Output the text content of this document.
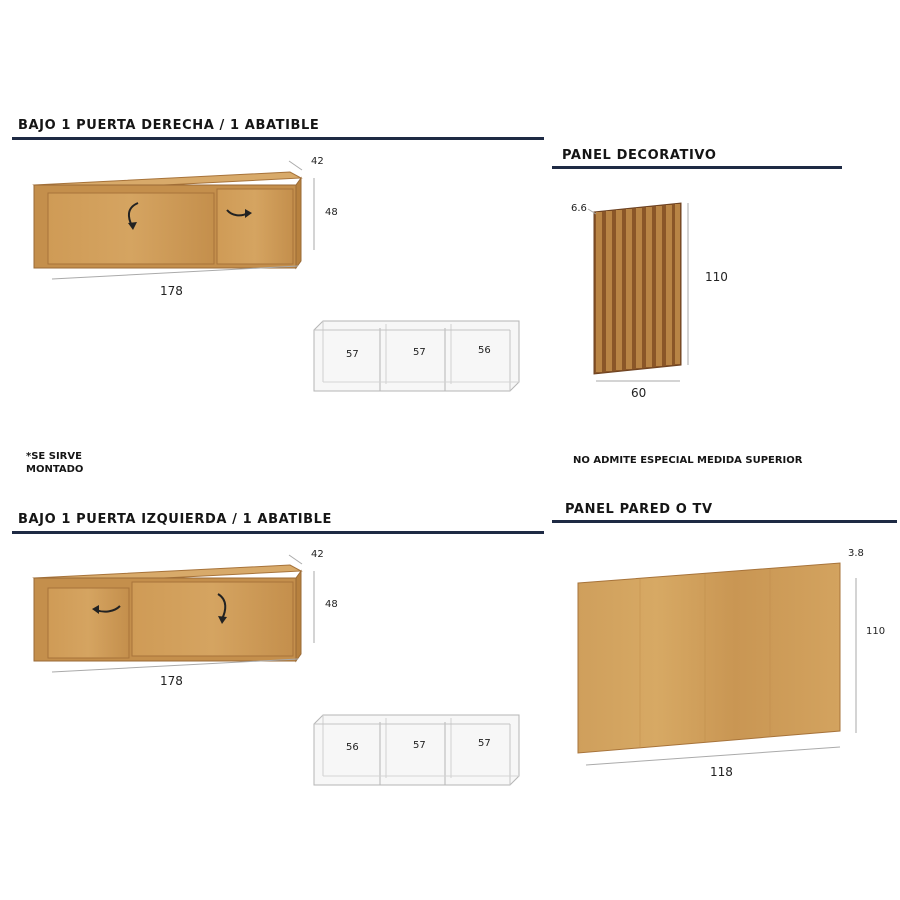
BAJO 1 PUERTA DERECHA / 1 ABATIBLE
42
48
178
57	57	56
*SE SIRVE
MONTADO
BAJO 1 PUERTA IZQUIERDA / 1 ABATIBLE
42
48
178
56	57	57
PANEL DECORATIVO
6.6
110
60
NO ADMITE ESPECIAL MEDIDA SUPERIOR
PANEL PARED O TV
3.8
110
118
